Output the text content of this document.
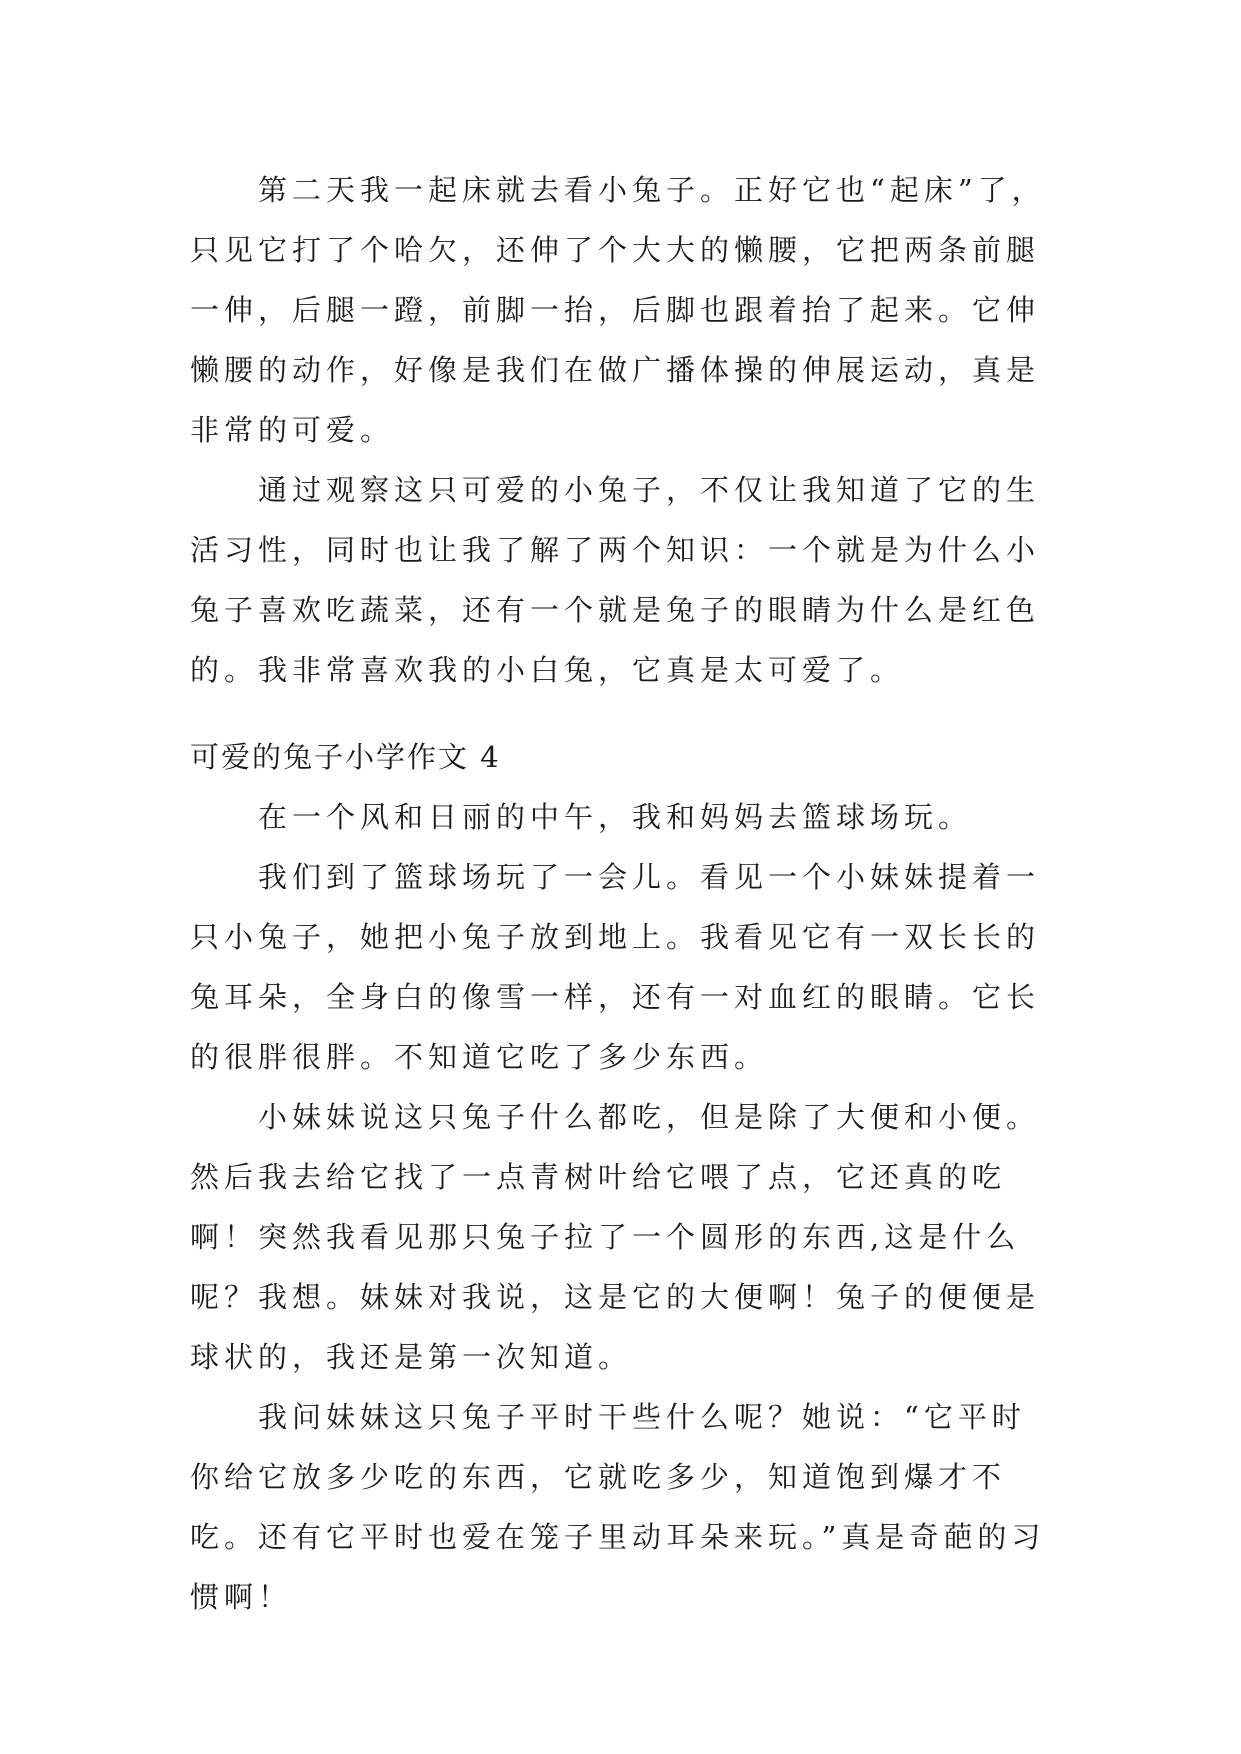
第二天我一起床就去看小兔子。正好它也“起床”了，只见它打了个哈欠，还伸了个大大的懒腰，它把两条前腿一伸，后腿一蹬，前脚一抬，后脚也跟着抬了起来。它伸懒腰的动作，好像是我们在做广播体操的伸展运动，真是非常的可爱。

通过观察这只可爱的小兔子，不仅让我知道了它的生活习性，同时也让我了解了两个知识：一个就是为什么小兔子喜欢吃蔬菜，还有一个就是兔子的眼睛为什么是红色的。我非常喜欢我的小白兔，它真是太可爱了。

可爱的兔子小学作文 4

在一个风和日丽的中午，我和妈妈去篮球场玩。

我们到了篮球场玩了一会儿。看见一个小妹妹提着一只小兔子，她把小兔子放到地上。我看见它有一双长长的兔耳朵，全身白的像雪一样，还有一对血红的眼睛。它长的很胖很胖。不知道它吃了多少东西。

小妹妹说这只兔子什么都吃，但是除了大便和小便。然后我去给它找了一点青树叶给它喂了点，它还真的吃啊！突然我看见那只兔子拉了一个圆形的东西,这是什么呢？我想。妹妹对我说，这是它的大便啊！兔子的便便是球状的，我还是第一次知道。

我问妹妹这只兔子平时干些什么呢？她说：“它平时你给它放多少吃的东西，它就吃多少，知道饱到爆才不吃。还有它平时也爱在笼子里动耳朵来玩。”真是奇葩的习惯啊！
